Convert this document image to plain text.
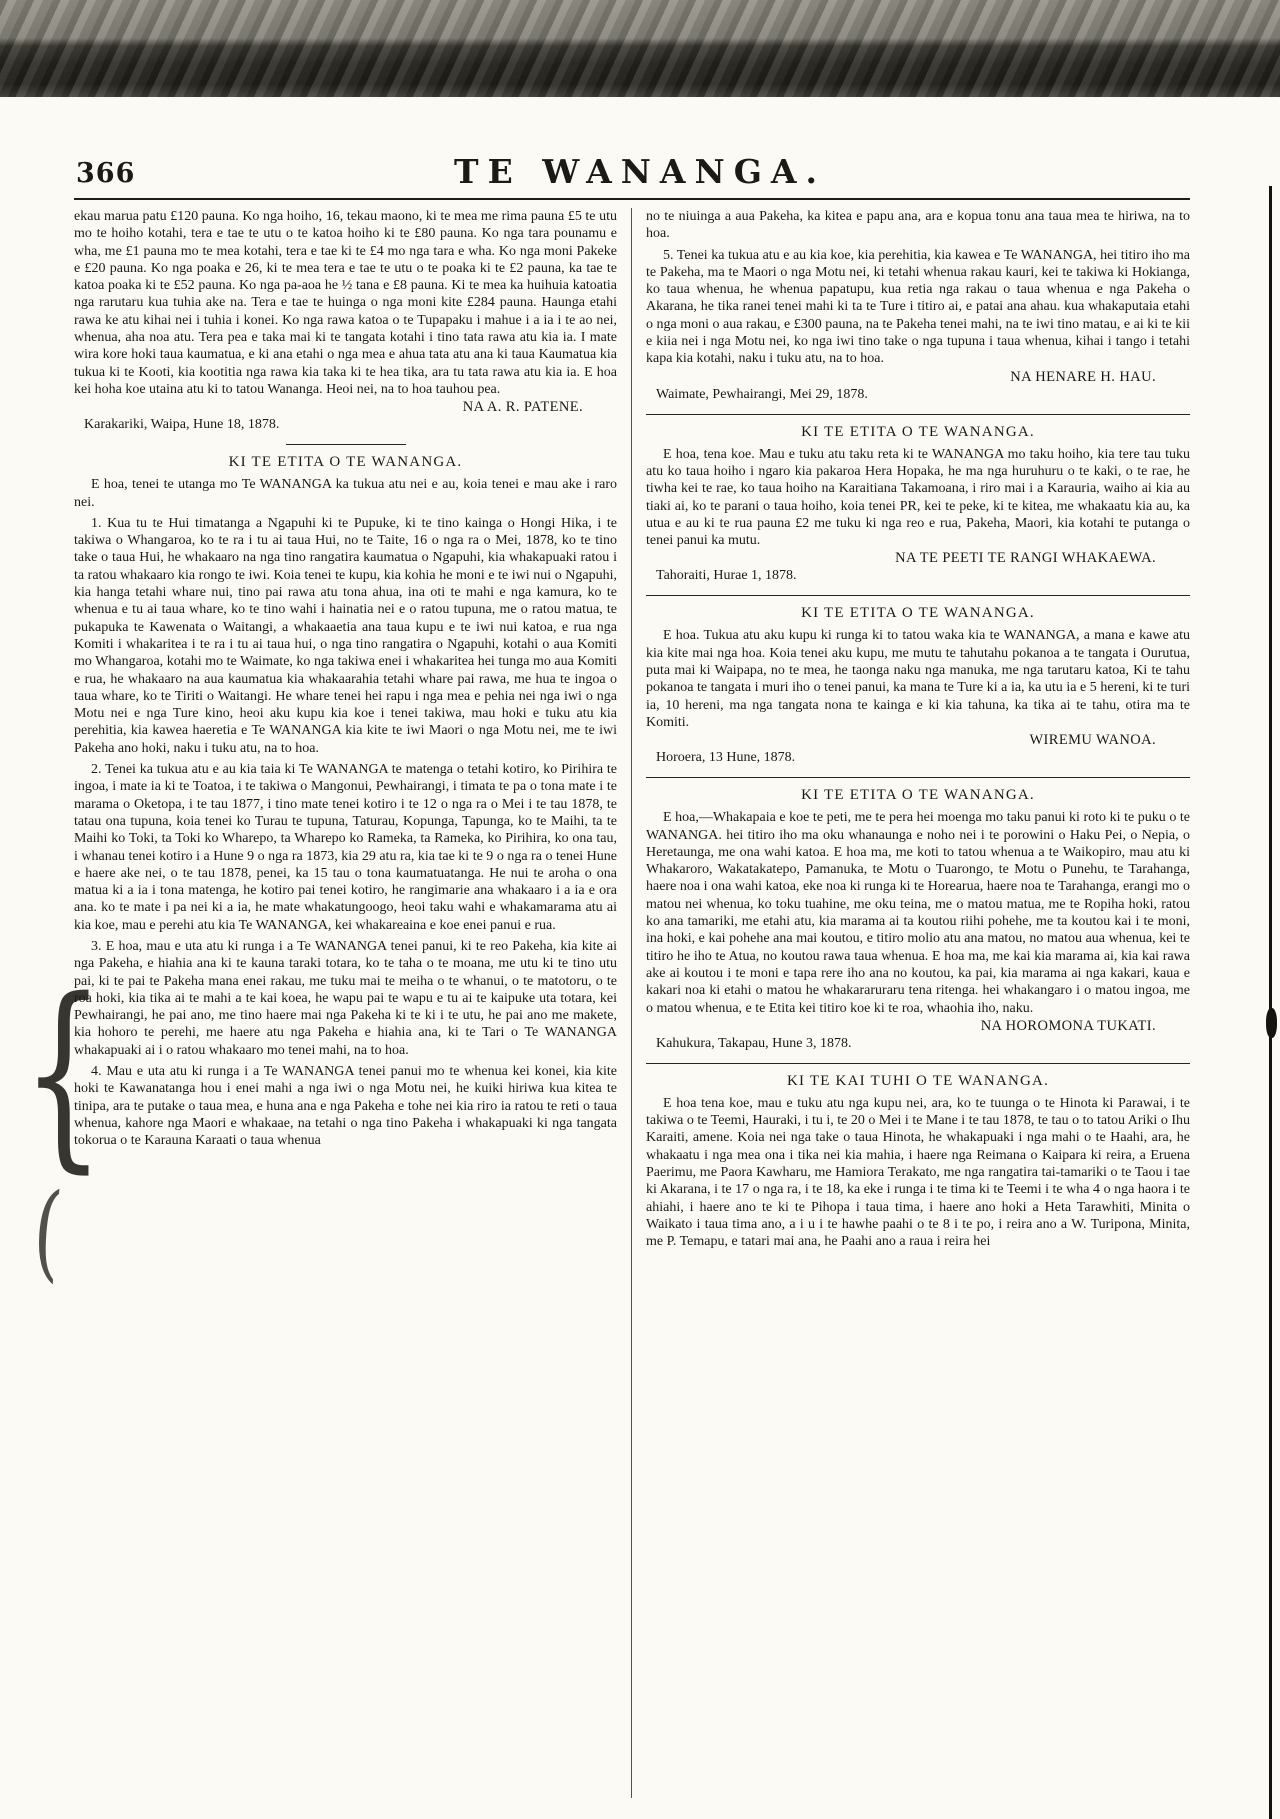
{
(
366	TE WANANGA.

ekau marua patu £120 pauna. Ko nga hoiho, 16, tekau maono, ki te mea me rima pauna £5 te utu mo te hoiho kotahi, tera e tae te utu o te katoa hoiho ki te £80 pauna. Ko nga tara pounamu e wha, me £1 pauna mo te mea kotahi, tera e tae ki te £4 mo nga tara e wha. Ko nga moni Pakeke e £20 pauna. Ko nga poaka e 26, ki te mea tera e tae te utu o te poaka ki te £2 pauna, ka tae te katoa poaka ki te £52 pauna. Ko nga pa-aoa he ½ tana e £8 pauna. Ki te mea ka huihuia katoatia nga rarutaru kua tuhia ake na. Tera e tae te huinga o nga moni kite £284 pauna. Haunga etahi rawa ke atu kihai nei i tuhia i konei. Ko nga rawa katoa o te Tupapaku i mahue i a ia i te ao nei, whenua, aha noa atu. Tera pea e taka mai ki te tangata kotahi i tino tata rawa atu kia ia. I mate wira kore hoki taua kaumatua, e ki ana etahi o nga mea e ahua tata atu ana ki taua Kaumatua kia tukua ki te Kooti, kia kootitia nga rawa kia taka ki te hea tika, ara tu tata rawa atu kia ia. E hoa kei hoha koe utaina atu ki to tatou Wananga. Heoi nei, na to hoa tauhou pea.

NA A. R. PATENE.

Karakariki, Waipa, Hune 18, 1878.

KI TE ETITA O TE WANANGA.

E hoa, tenei te utanga mo Te WANANGA ka tukua atu nei e au, koia tenei e mau ake i raro nei.

1. Kua tu te Hui timatanga a Ngapuhi ki te Pupuke, ki te tino kainga o Hongi Hika, i te takiwa o Whangaroa, ko te ra i tu ai taua Hui, no te Taite, 16 o nga ra o Mei, 1878, ko te tino take o taua Hui, he whakaaro na nga tino rangatira kaumatua o Ngapuhi, kia whakapuaki ratou i ta ratou whakaaro kia rongo te iwi. Koia tenei te kupu, kia kohia he moni e te iwi nui o Ngapuhi, kia hanga tetahi whare nui, tino pai rawa atu tona ahua, ina oti te mahi e nga kamura, ko te whenua e tu ai taua whare, ko te tino wahi i hainatia nei e o ratou tupuna, me o ratou matua, te pukapuka te Kawenata o Waitangi, a whakaaetia ana taua kupu e te iwi nui katoa, e rua nga Komiti i whakaritea i te ra i tu ai taua hui, o nga tino rangatira o Ngapuhi, kotahi o aua Komiti mo Whangaroa, kotahi mo te Waimate, ko nga takiwa enei i whakaritea hei tunga mo aua Komiti e rua, he whakaaro na aua kaumatua kia whakaarahia tetahi whare pai rawa, me hua te ingoa o taua whare, ko te Tiriti o Waitangi. He whare tenei hei rapu i nga mea e pehia nei nga iwi o nga Motu nei e nga Ture kino, heoi aku kupu kia koe i tenei takiwa, mau hoki e tuku atu kia perehitia, kia kawea haeretia e Te WANANGA kia kite te iwi Maori o nga Motu nei, me te iwi Pakeha ano hoki, naku i tuku atu, na to hoa.

2. Tenei ka tukua atu e au kia taia ki Te WANANGA te matenga o tetahi kotiro, ko Pirihira te ingoa, i mate ia ki te Toatoa, i te takiwa o Mangonui, Pewhairangi, i timata te pa o tona mate i te marama o Oketopa, i te tau 1877, i tino mate tenei kotiro i te 12 o nga ra o Mei i te tau 1878, te tatau ona tupuna, koia tenei ko Turau te tupuna, Taturau, Kopunga, Tapunga, ko te Maihi, ta te Maihi ko Toki, ta Toki ko Wharepo, ta Wharepo ko Rameka, ta Rameka, ko Pirihira, ko ona tau, i whanau tenei kotiro i a Hune 9 o nga ra 1873, kia 29 atu ra, kia tae ki te 9 o nga ra o tenei Hune e haere ake nei, o te tau 1878, penei, ka 15 tau o tona kaumatuatanga. He nui te aroha o ona matua ki a ia i tona matenga, he kotiro pai tenei kotiro, he rangimarie ana whakaaro i a ia e ora ana. ko te mate i pa nei ki a ia, he mate whakatungoogo, heoi taku wahi e whakamarama atu ai kia koe, mau e perehi atu kia Te WANANGA, kei whakareaina e koe enei panui e rua.

3. E hoa, mau e uta atu ki runga i a Te WANANGA tenei panui, ki te reo Pakeha, kia kite ai nga Pakeha, e hiahia ana ki te kauna taraki totara, ko te taha o te moana, me utu ki te tino utu pai, ki te pai te Pakeha mana enei rakau, me tuku mai te meiha o te whanui, o te matotoru, o te roa hoki, kia tika ai te mahi a te kai koea, he wapu pai te wapu e tu ai te kaipuke uta totara, kei Pewhairangi, he pai ano, me tino haere mai nga Pakeha ki te ki i te utu, he pai ano me makete, kia hohoro te perehi, me haere atu nga Pakeha e hiahia ana, ki te Tari o Te WANANGA whakapuaki ai i o ratou whakaaro mo tenei mahi, na to hoa.

4. Mau e uta atu ki runga i a Te WANANGA tenei panui mo te whenua kei konei, kia kite hoki te Kawanatanga hou i enei mahi a nga iwi o nga Motu nei, he kuiki hiriwa kua kitea te tinipa, ara te putake o taua mea, e huna ana e nga Pakeha e tohe nei kia riro ia ratou te reti o taua whenua, kahore nga Maori e whakaae, na tetahi o nga tino Pakeha i whakapuaki ki nga tangata tokorua o te Karauna Karaati o taua whenua

no te niuinga a aua Pakeha, ka kitea e papu ana, ara e kopua tonu ana taua mea te hiriwa, na to hoa.

5. Tenei ka tukua atu e au kia koe, kia perehitia, kia kawea e Te WANANGA, hei titiro iho ma te Pakeha, ma te Maori o nga Motu nei, ki tetahi whenua rakau kauri, kei te takiwa ki Hokianga, ko taua whenua, he whenua papatupu, kua retia nga rakau o taua whenua e nga Pakeha o Akarana, he tika ranei tenei mahi ki ta te Ture i titiro ai, e patai ana ahau. kua whakaputaia etahi o nga moni o aua rakau, e £300 pauna, na te Pakeha tenei mahi, na te iwi tino matau, e ai ki te kii e kiia nei i nga Motu nei, ko nga iwi tino take o nga tupuna i taua whenua, kihai i tango i tetahi kapa kia kotahi, naku i tuku atu, na to hoa.

NA HENARE H. HAU.

Waimate, Pewhairangi, Mei 29, 1878.

KI TE ETITA O TE WANANGA.

E hoa, tena koe. Mau e tuku atu taku reta ki te WANANGA mo taku hoiho, kia tere tau tuku atu ko taua hoiho i ngaro kia pakaroa Hera Hopaka, he ma nga huruhuru o te kaki, o te rae, he tiwha kei te rae, ko taua hoiho na Karaitiana Takamoana, i riro mai i a Karauria, waiho ai kia au tiaki ai, ko te parani o taua hoiho, koia tenei PR, kei te peke, ki te kitea, me whakaatu kia au, ka utua e au ki te rua pauna £2 me tuku ki nga reo e rua, Pakeha, Maori, kia kotahi te putanga o tenei panui ka mutu.

NA TE PEETI TE RANGI WHAKAEWA.

Tahoraiti, Hurae 1, 1878.

KI TE ETITA O TE WANANGA.

E hoa. Tukua atu aku kupu ki runga ki to tatou waka kia te WANANGA, a mana e kawe atu kia kite mai nga hoa. Koia tenei aku kupu, me mutu te tahutahu pokanoa a te tangata i Ourutua, puta mai ki Waipapa, no te mea, he taonga naku nga manuka, me nga tarutaru katoa, Ki te tahu pokanoa te tangata i muri iho o tenei panui, ka mana te Ture ki a ia, ka utu ia e 5 hereni, ki te turi ia, 10 hereni, ma nga tangata nona te kainga e ki kia tahuna, ka tika ai te tahu, otira ma te Komiti.

WIREMU WANOA.

Horoera, 13 Hune, 1878.

KI TE ETITA O TE WANANGA.

E hoa,—Whakapaia e koe te peti, me te pera hei moenga mo taku panui ki roto ki te puku o te WANANGA. hei titiro iho ma oku whanaunga e noho nei i te porowini o Haku Pei, o Nepia, o Heretaunga, me ona wahi katoa. E hoa ma, me koti to tatou whenua a te Waikopiro, mau atu ki Whakaroro, Wakatakatepo, Pamanuka, te Motu o Tuarongo, te Motu o Punehu, te Tarahanga, haere noa i ona wahi katoa, eke noa ki runga ki te Horearua, haere noa te Tarahanga, erangi mo o matou nei whenua, ko toku tuahine, me oku teina, me o matou matua, me te Ropiha hoki, ratou ko ana tamariki, me etahi atu, kia marama ai ta koutou riihi pohehe, me ta koutou kai i te moni, ina hoki, e kai pohehe ana mai koutou, e titiro molio atu ana matou, no matou aua whenua, kei te titiro he iho te Atua, no koutou rawa taua whenua. E hoa ma, me kai kia marama ai, kia kai rawa ake ai koutou i te moni e tapa rere iho ana no koutou, ka pai, kia marama ai nga kakari, kaua e kakari noa ki etahi o matou he whakararuraru tena ritenga. hei whakangaro i o matou ingoa, me o matou whenua, e te Etita kei titiro koe ki te roa, whaohia iho, naku.

NA HOROMONA TUKATI.

Kahukura, Takapau, Hune 3, 1878.

KI TE KAI TUHI O TE WANANGA.

E hoa tena koe, mau e tuku atu nga kupu nei, ara, ko te tuunga o te Hinota ki Parawai, i te takiwa o te Teemi, Hauraki, i tu i, te 20 o Mei i te Mane i te tau 1878, te tau o to tatou Ariki o Ihu Karaiti, amene. Koia nei nga take o taua Hinota, he whakapuaki i nga mahi o te Haahi, ara, he whakaatu i nga mea ona i tika nei kia mahia, i haere nga Reimana o Kaipara ki reira, a Eruena Paerimu, me Paora Kawharu, me Hamiora Terakato, me nga rangatira tai-tamariki o te Taou i tae ki Akarana, i te 17 o nga ra, i te 18, ka eke i runga i te tima ki te Teemi i te wha 4 o nga haora i te ahiahi, i haere ano te ki te Pihopa i taua tima, i haere ano hoki a Heta Tarawhiti, Minita o Waikato i taua tima ano, a i u i te hawhe paahi o te 8 i te po, i reira ano a W. Turipona, Minita, me P. Temapu, e tatari mai ana, he Paahi ano a raua i reira hei
